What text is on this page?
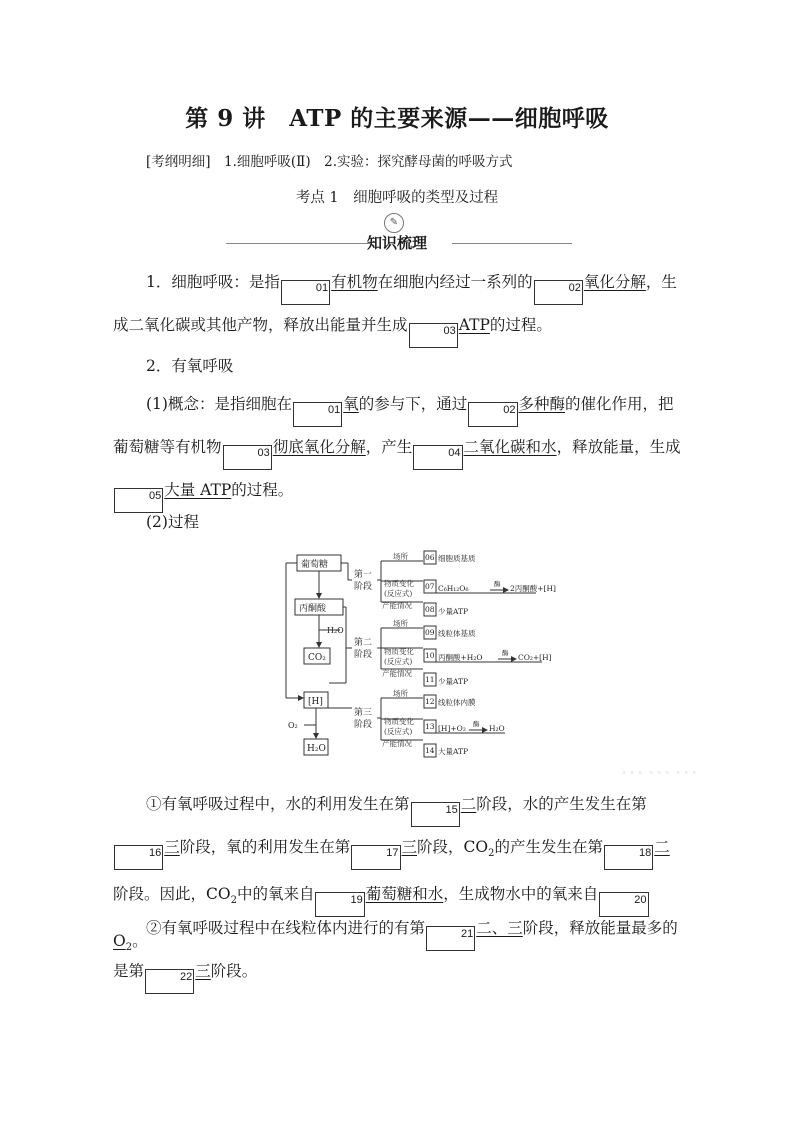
第 9 讲　ATP 的主要来源——细胞呼吸
[考纲明细]　1.细胞呼吸(Ⅱ)　2.实验：探究酵母菌的呼吸方式
考点 1　细胞呼吸的类型及过程
✎
知识梳理
1．细胞呼吸：是指	01 有机物在细胞内经过一系列的	02 氧化分解，生成二氧化碳或其他产物，释放出能量并生成	03 ATP的过程。
2．有氧呼吸
(1)概念：是指细胞在	01 氧的参与下，通过	02 多种酶的催化作用，把葡萄糖等有机物	03 彻底氧化分解，产生	04 二氧化碳和水，释放能量，生成05 大量 ATP的过程。
(2)过程
葡萄糖
丙酮酸
CO₂
[H]
H₂O
H₂O
O₂
第一
阶段
第二
阶段
第三
阶段
场所
物质变化
(反应式)
产能情况
场所
物质变化
(反应式)
产能情况
场所
物质变化
(反应式)
产能情况
06 细胞质基质
07 C₆H₁₂O₆	酶 2丙酮酸+[H]
08 少量ATP
09 线粒体基质
10 丙酮酸+H₂O	酶 CO₂+[H]
11 少量ATP
12 线粒体内膜
13 [H]+O₂ 酶 H₂O
14 大量ATP
⋯⋯⋯
①有氧呼吸过程中，水的利用发生在第	15 二阶段，水的产生发生在第16 三阶段，氧的利用发生在第	17 三阶段，$CO_2$的产生发生在第	18 二阶段。因此，$CO_2$中的氧来自	19 葡萄糖和水，生成物水中的氧来自	$20O_2$。
②有氧呼吸过程中在线粒体内进行的有第	21 二、三阶段，释放能量最多的是第	22 三阶段。
